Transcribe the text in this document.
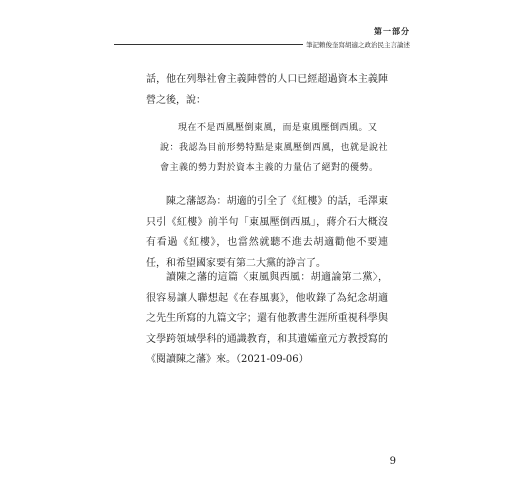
第一部分
筆記賴俊奎寫胡適之政治民主言論述

話，他在列舉社會主義陣營的人口已經超過資本主義陣營之後，說：

現在不是西風壓倒東風，而是東風壓倒西風。又說：我認為目前形勢特點是東風壓倒西風，也就是說社會主義的勢力對於資本主義的力量佔了絕對的優勢。

陳之藩認為：胡適的引全了《紅樓》的話，毛澤東只引《紅樓》前半句「東風壓倒西風」，蔣介石大概沒有看過《紅樓》，也當然就聽不進去胡適勸他不要連任，和希望國家要有第二大黨的諍言了。

讀陳之藩的這篇〈東風與西風：胡適論第二黨〉，很容易讓人聯想起《在春風裏》，他收錄了為紀念胡適之先生所寫的九篇文字；還有他教書生涯所重視科學與文學跨領域學科的通識教育，和其遺孀童元方教授寫的《閱讀陳之藩》來。（2021-09-06）

9
